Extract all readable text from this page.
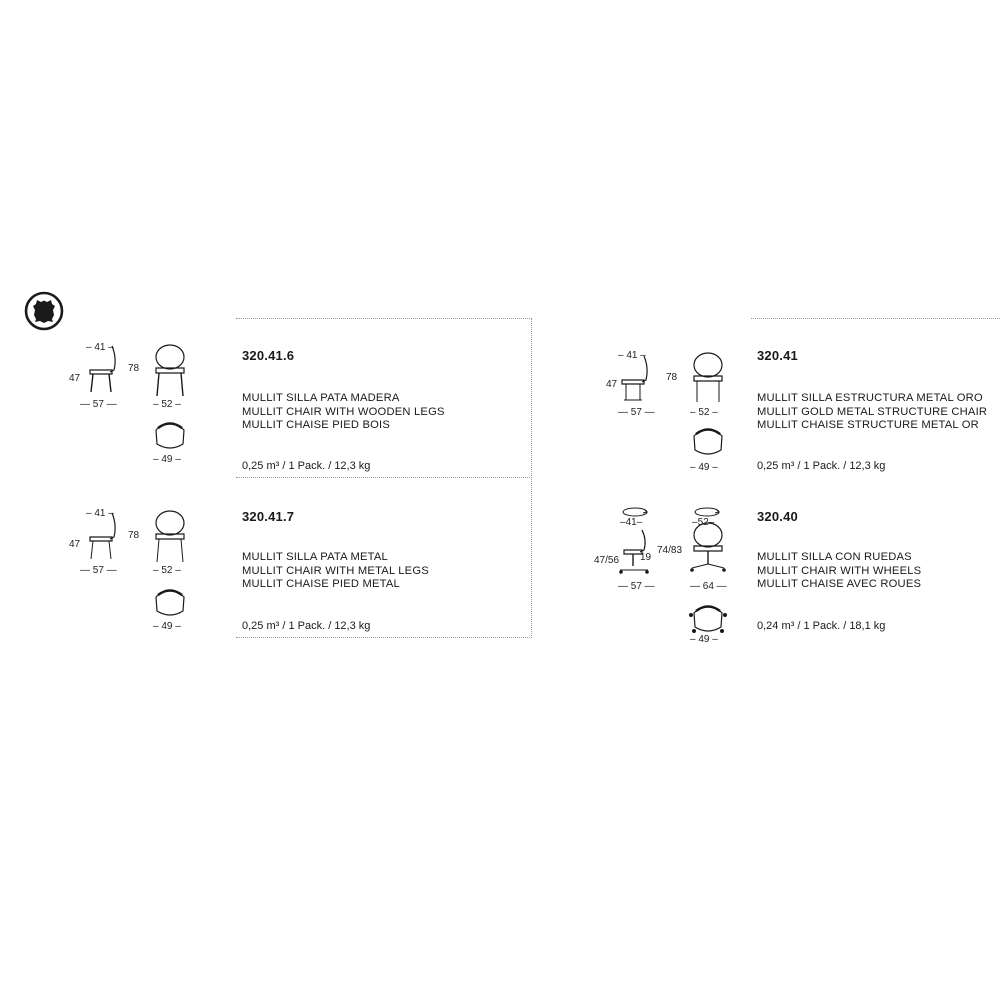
– 41 –
47
78
— 57 —	– 52 –
– 49 –
320.41.6
MULLIT SILLA PATA MADERA
MULLIT CHAIR WITH WOODEN LEGS
MULLIT CHAISE PIED BOIS
0,25 m³ / 1 Pack. / 12,3 kg
– 41 –
47
78
— 57 —	– 52 –
– 49 –
320.41
MULLIT SILLA ESTRUCTURA METAL ORO
MULLIT GOLD METAL STRUCTURE CHAIR
MULLIT CHAISE STRUCTURE METAL OR
0,25 m³ / 1 Pack. / 12,3 kg
– 41 –
47
78
— 57 —	– 52 –
– 49 –
320.41.7
MULLIT SILLA PATA METAL
MULLIT CHAIR WITH METAL LEGS
MULLIT CHAISE PIED METAL
0,25 m³ / 1 Pack. / 12,3 kg
–41–	–52–
47/56 19
74/83
— 57 —	— 64 —
– 49 –
320.40
MULLIT SILLA CON RUEDAS
MULLIT CHAIR WITH WHEELS
MULLIT CHAISE AVEC ROUES
0,24 m³ / 1 Pack. / 18,1 kg
